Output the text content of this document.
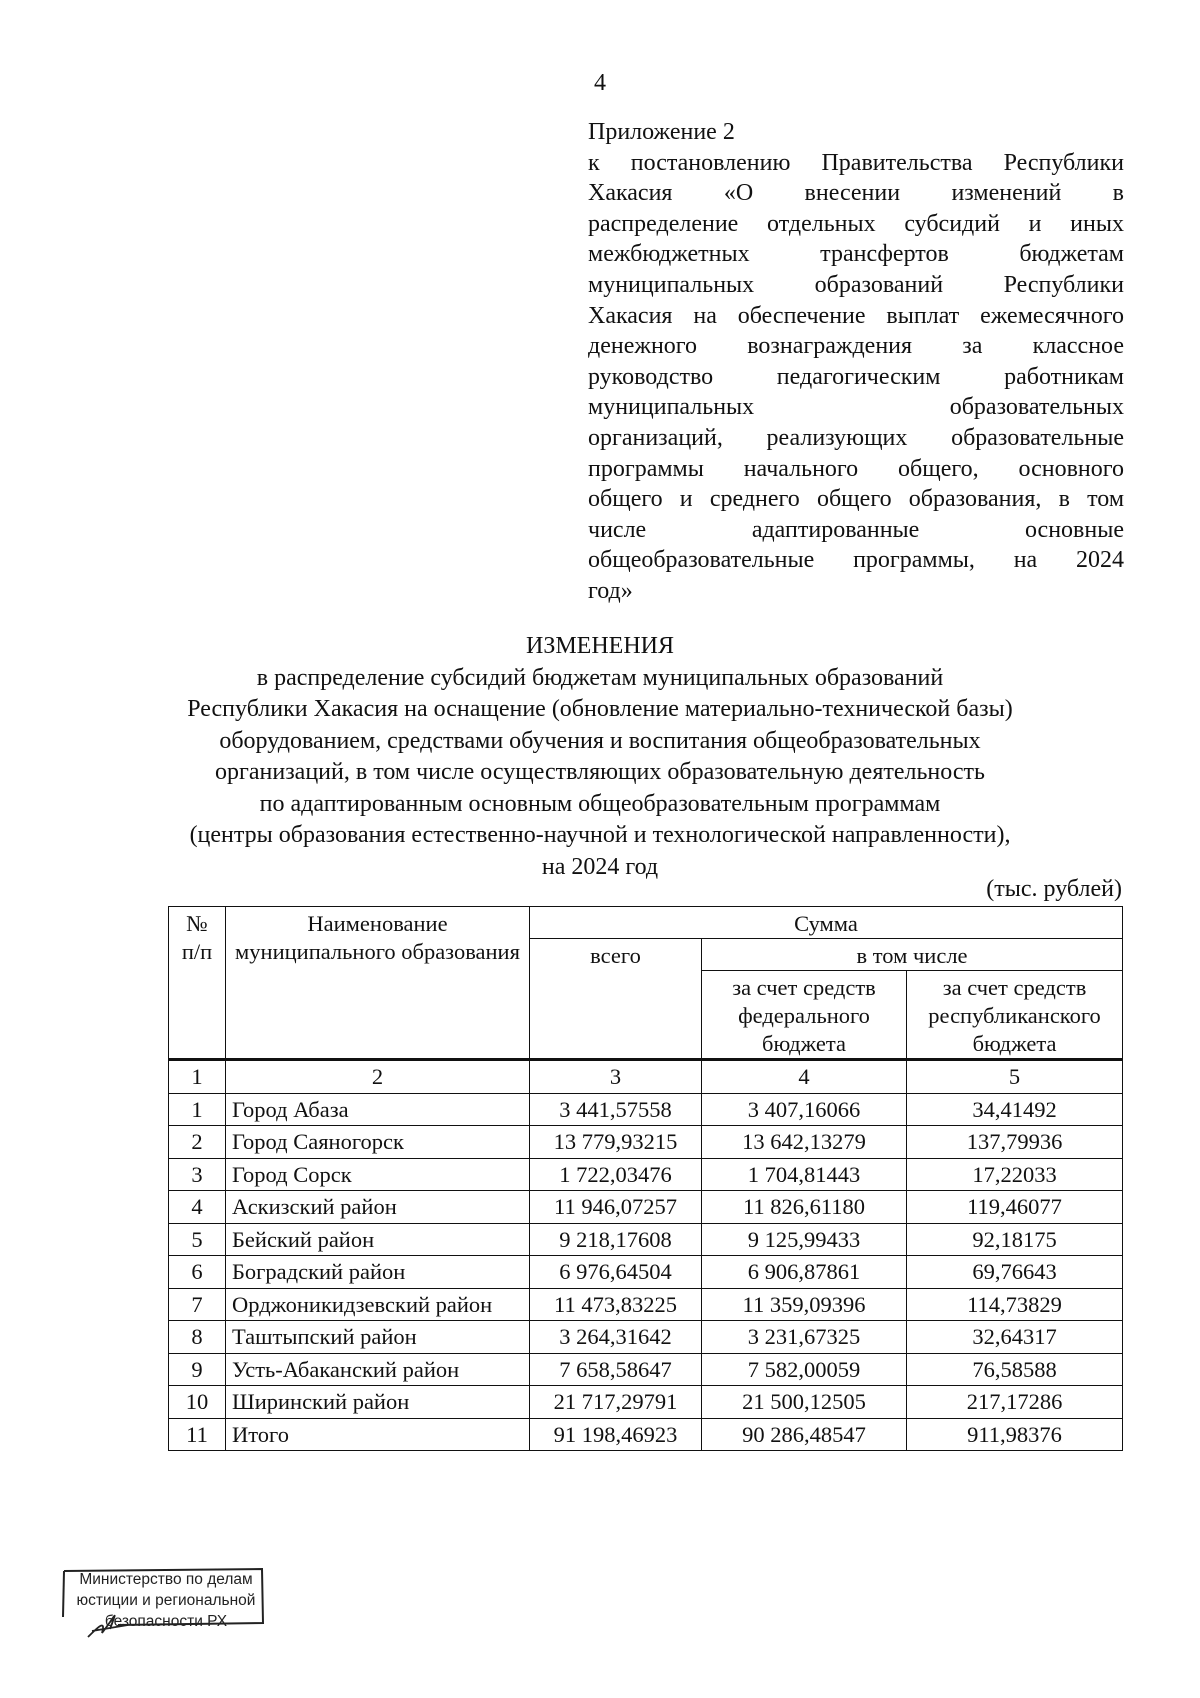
4
Приложение 2
к постановлению Правительства Республики
Хакасия «О внесении изменений в
распределение отдельных субсидий и иных
межбюджетных трансфертов бюджетам
муниципальных образований Республики
Хакасия на обеспечение выплат ежемесячного
денежного вознаграждения за классное
руководство педагогическим работникам
муниципальных образовательных
организаций, реализующих образовательные
программы начального общего, основного
общего и среднего общего образования, в том
числе адаптированные основные
общеобразовательные программы, на 2024
год»
ИЗМЕНЕНИЯ
в распределение субсидий бюджетам муниципальных образований
Республики Хакасия на оснащение (обновление материально-технической базы)
оборудованием, средствами обучения и воспитания общеобразовательных
организаций, в том числе осуществляющих образовательную деятельность
по адаптированным основным общеобразовательным программам
(центры образования естественно-научной и технологической направленности),
на 2024 год
(тыс. рублей)
№ п/п	Наименование муниципального образования	Сумма		
		всего	в том числе	
			за счет средств федерального бюджета	за счет средств республиканского бюджета
1	2	3	4	5
1	Город Абаза	3 441,57558	3 407,16066	34,41492
2	Город Саяногорск	13 779,93215	13 642,13279	137,79936
3	Город Сорск	1 722,03476	1 704,81443	17,22033
4	Аскизский район	11 946,07257	11 826,61180	119,46077
5	Бейский район	9 218,17608	9 125,99433	92,18175
6	Боградский район	6 976,64504	6 906,87861	69,76643
7	Орджоникидзевский район	11 473,83225	11 359,09396	114,73829
8	Таштыпский район	3 264,31642	3 231,67325	32,64317
9	Усть-Абаканский район	7 658,58647	7 582,00059	76,58588
10	Ширинский район	21 717,29791	21 500,12505	217,17286
11	Итого	91 198,46923	90 286,48547	911,98376
Министерство по делам
юстиции и региональной
безопасности РХ
